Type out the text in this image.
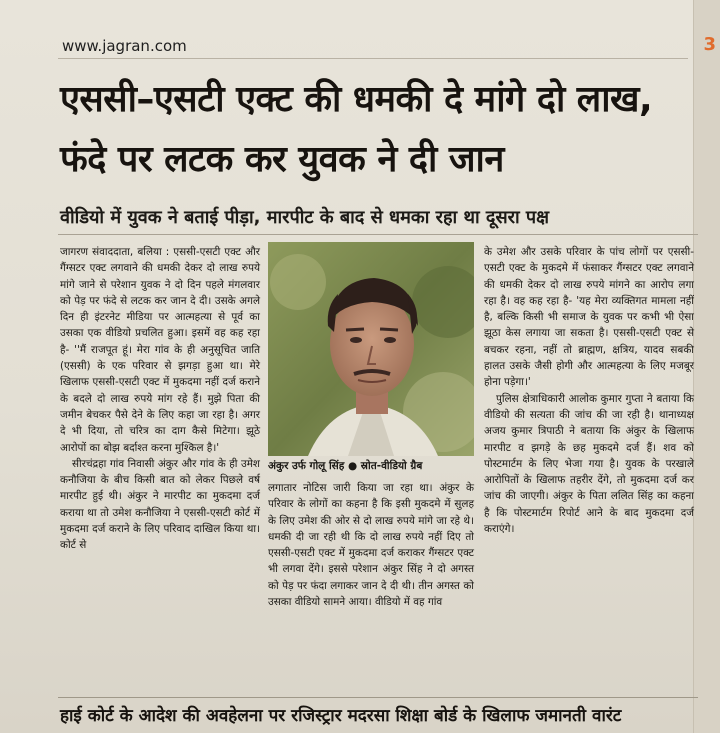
3
www.jagran.com
एससी–एसटी एक्ट की धमकी दे मांगे दो लाख, फंदे पर लटक कर युवक ने दी जान
वीडियो में युवक ने बताई पीड़ा, मारपीट के बाद से धमका रहा था दूसरा पक्ष

जागरण संवाददाता, बलिया : एससी-एसटी एक्ट और गैंग्सटर एक्ट लगवाने की धमकी देकर दो लाख रुपये मांगे जाने से परेशान युवक ने दो दिन पहले मंगलवार को पेड़ पर फंदे से लटक कर जान दे दी। उसके अगले दिन ही इंटरनेट मीडिया पर आत्महत्या से पूर्व का उसका एक वीडियो प्रचलित हुआ। इसमें वह कह रहा है- ''मैं राजपूत हूं। मेरा गांव के ही अनुसूचित जाति (एससी) के एक परिवार से झगड़ा हुआ था। मेरे खिलाफ एससी-एसटी एक्ट में मुकदमा नहीं दर्ज कराने के बदले दो लाख रुपये मांग रहे हैं। मुझे पिता की जमीन बेचकर पैसे देने के लिए कहा जा रहा है। अगर दे भी दिया, तो चरित्र का दाग कैसे मिटेगा। झूठे आरोपों का बोझ बर्दाश्त करना मुश्किल है।'

सीरचंद्रहा गांव निवासी अंकुर और गांव के ही उमेश कनौजिया के बीच किसी बात को लेकर पिछले वर्ष मारपीट हुई थी। अंकुर ने मारपीट का मुकदमा दर्ज कराया था तो उमेश कनौजिया ने एससी-एसटी कोर्ट में मुकदमा दर्ज कराने के लिए परिवाद दाखिल किया था। कोर्ट से

अंकुर उर्फ गोलू सिंह ● स्रोत-वीडियो ग्रैब

लगातार नोटिस जारी किया जा रहा था। अंकुर के परिवार के लोगों का कहना है कि इसी मुकदमे में सुलह के लिए उमेश की ओर से दो लाख रुपये मांगे जा रहे थे। धमकी दी जा रही थी कि दो लाख रुपये नहीं दिए तो एससी-एसटी एक्ट में मुकदमा दर्ज कराकर गैंग्सटर एक्ट भी लगवा देंगे। इससे परेशान अंकुर सिंह ने दो अगस्त को पेड़ पर फंदा लगाकर जान दे दी थी। तीन अगस्त को उसका वीडियो सामने आया। वीडियो में वह गांव

के उमेश और उसके परिवार के पांच लोगों पर एससी-एसटी एक्ट के मुकदमे में फंसाकर गैंग्सटर एक्ट लगवाने की धमकी देकर दो लाख रुपये मांगने का आरोप लगा रहा है। वह कह रहा है- 'यह मेरा व्यक्तिगत मामला नहीं है, बल्कि किसी भी समाज के युवक पर कभी भी ऐसा झूठा केस लगाया जा सकता है। एससी-एसटी एक्ट से बचकर रहना, नहीं तो ब्राह्मण, क्षत्रिय, यादव सबकी हालत उसके जैसी होगी और आत्महत्या के लिए मजबूर होना पड़ेगा।'

पुलिस क्षेत्राधिकारी आलोक कुमार गुप्ता ने बताया कि वीडियो की सत्यता की जांच की जा रही है। थानाध्यक्ष अजय कुमार त्रिपाठी ने बताया कि अंकुर के खिलाफ मारपीट व झगड़े के छह मुकदमे दर्ज हैं। शव को पोस्टमार्टम के लिए भेजा गया है। युवक के परखाले आरोपितों के खिलाफ तहरीर देंगे, तो मुकदमा दर्ज कर जांच की जाएगी। अंकुर के पिता ललित सिंह का कहना है कि पोस्टमार्टम रिपोर्ट आने के बाद मुकदमा दर्ज कराएंगे।

हाई कोर्ट के आदेश की अवहेलना पर रजिस्ट्रार मदरसा शिक्षा बोर्ड के खिलाफ जमानती वारंट
